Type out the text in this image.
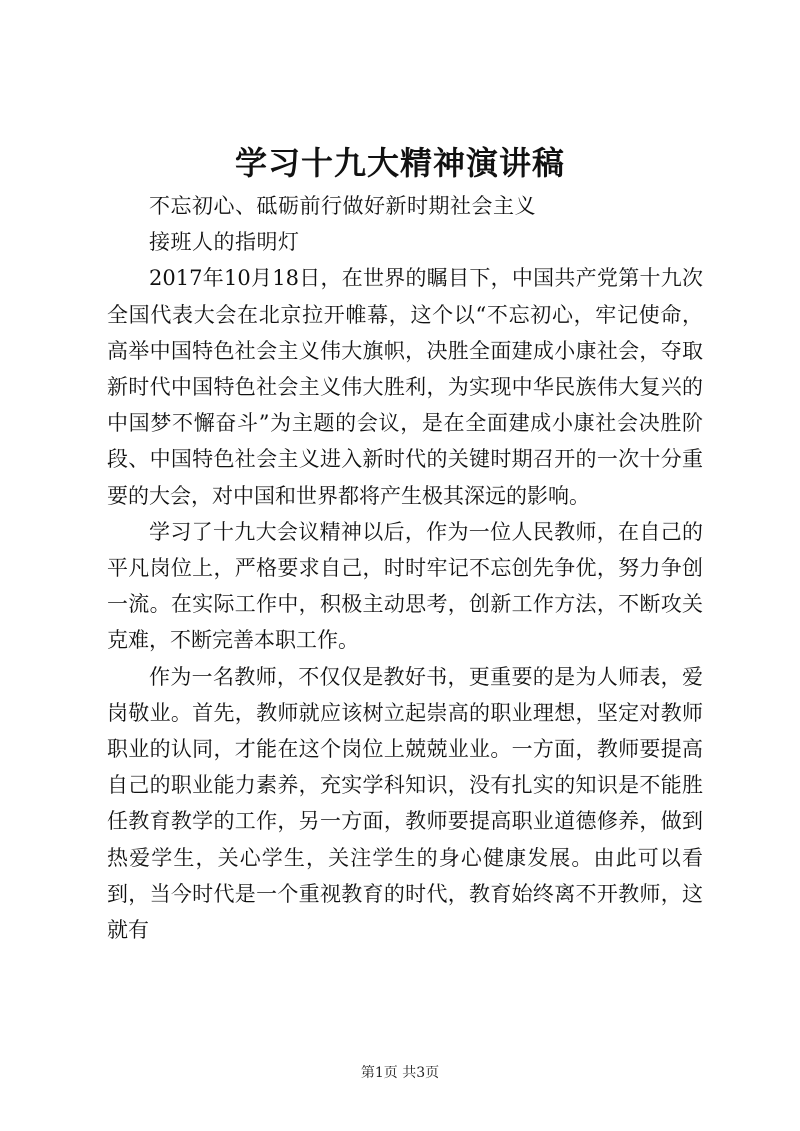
学习十九大精神演讲稿

不忘初心、砥砺前行做好新时期社会主义

接班人的指明灯

2017年10月18日，在世界的瞩目下，中国共产党第十九次全国代表大会在北京拉开帷幕，这个以“不忘初心，牢记使命，高举中国特色社会主义伟大旗帜，决胜全面建成小康社会，夺取新时代中国特色社会主义伟大胜利，为实现中华民族伟大复兴的中国梦不懈奋斗”为主题的会议，是在全面建成小康社会决胜阶段、中国特色社会主义进入新时代的关键时期召开的一次十分重要的大会，对中国和世界都将产生极其深远的影响。

学习了十九大会议精神以后，作为一位人民教师，在自己的平凡岗位上，严格要求自己，时时牢记不忘创先争优，努力争创一流。在实际工作中，积极主动思考，创新工作方法，不断攻关克难，不断完善本职工作。

作为一名教师，不仅仅是教好书，更重要的是为人师表，爱岗敬业。首先，教师就应该树立起崇高的职业理想，坚定对教师职业的认同，才能在这个岗位上兢兢业业。一方面，教师要提高自己的职业能力素养，充实学科知识，没有扎实的知识是不能胜任教育教学的工作，另一方面，教师要提高职业道德修养，做到热爱学生，关心学生，关注学生的身心健康发展。由此可以看到，当今时代是一个重视教育的时代，教育始终离不开教师，这就有

第1页 共3页
